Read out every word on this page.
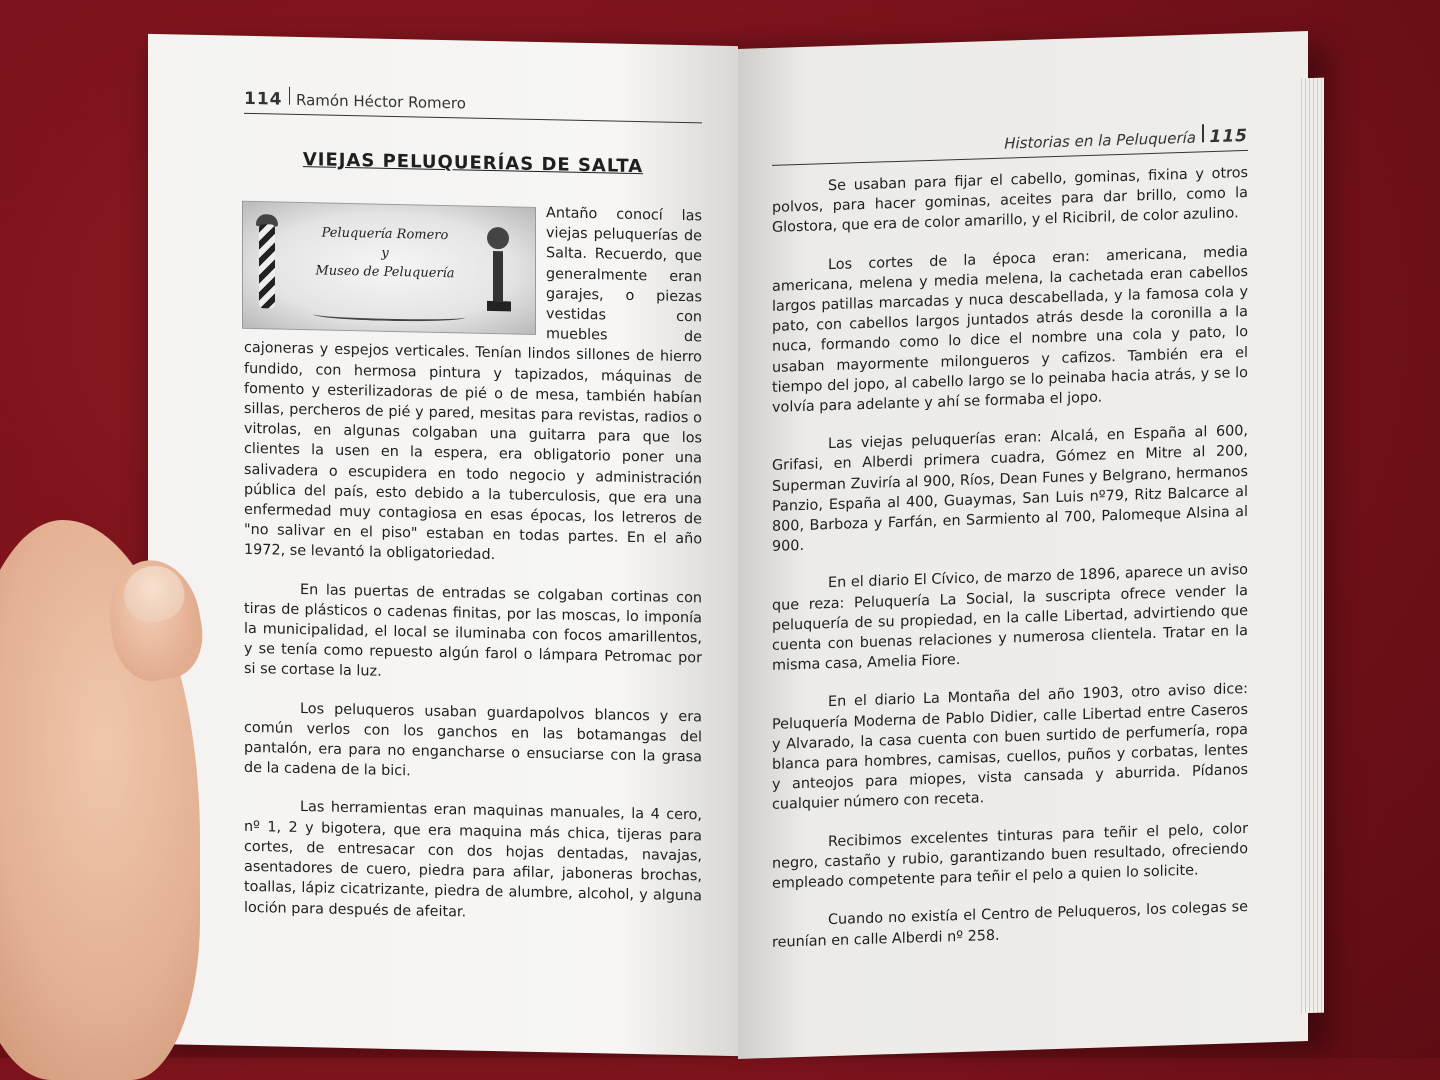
114 Ramón Héctor Romero
VIEJAS PELUQUERÍAS DE SALTA
Peluquería Romero
y
Museo de Peluquería

Antaño conocí las viejas peluquerías de Salta. Recuerdo, que generalmente eran garajes, o piezas vestidas con muebles de cajoneras y espejos verticales. Tenían lindos sillones de hierro fundido, con hermosa pintura y tapizados, máquinas de fomento y esterilizadoras de pié o de mesa, también habían sillas, percheros de pié y pared, mesitas para revistas, radios o vitrolas, en algunas colgaban una guitarra para que los clientes la usen en la espera, era obligatorio poner una salivadera o escupidera en todo negocio y administración pública del país, esto debido a la tuberculosis, que era una enfermedad muy contagiosa en esas épocas, los letreros de "no salivar en el piso" estaban en todas partes. En el año 1972, se levantó la obligatoriedad.

En las puertas de entradas se colgaban cortinas con tiras de plásticos o cadenas finitas, por las moscas, lo imponía la municipalidad, el local se iluminaba con focos amarillentos, y se tenía como repuesto algún farol o lámpara Petromac por si se cortase la luz.

Los peluqueros usaban guardapolvos blancos y era común verlos con los ganchos en las botamangas del pantalón, era para no engancharse o ensuciarse con la grasa de la cadena de la bici.

Las herramientas eran maquinas manuales, la 4 cero, nº 1, 2 y bigotera, que era maquina más chica, tijeras para cortes, de entresacar con dos hojas dentadas, navajas, asentadores de cuero, piedra para afilar, jaboneras brochas, toallas, lápiz cicatrizante, piedra de alumbre, alcohol, y alguna loción para después de afeitar.

Historias en la Peluquería 115

Se usaban para fijar el cabello, gominas, fixina y otros polvos, para hacer gominas, aceites para dar brillo, como la Glostora, que era de color amarillo, y el Ricibril, de color azulino.

Los cortes de la época eran: americana, media americana, melena y media melena, la cachetada eran cabellos largos patillas marcadas y nuca descabellada, y la famosa cola y pato, con cabellos largos juntados atrás desde la coronilla a la nuca, formando como lo dice el nombre una cola y pato, lo usaban mayormente milongueros y cafizos. También era el tiempo del jopo, al cabello largo se lo peinaba hacia atrás, y se lo volvía para adelante y ahí se formaba el jopo.

Las viejas peluquerías eran: Alcalá, en España al 600, Grifasi, en Alberdi primera cuadra, Gómez en Mitre al 200, Superman Zuviría al 900, Ríos, Dean Funes y Belgrano, hermanos Panzio, España al 400, Guaymas, San Luis nº79, Ritz Balcarce al 800, Barboza y Farfán, en Sarmiento al 700, Palomeque Alsina al 900.

En el diario El Cívico, de marzo de 1896, aparece un aviso que reza: Peluquería La Social, la suscripta ofrece vender la peluquería de su propiedad, en la calle Libertad, advirtiendo que cuenta con buenas relaciones y numerosa clientela. Tratar en la misma casa, Amelia Fiore.

En el diario La Montaña del año 1903, otro aviso dice: Peluquería Moderna de Pablo Didier, calle Libertad entre Caseros y Alvarado, la casa cuenta con buen surtido de perfumería, ropa blanca para hombres, camisas, cuellos, puños y corbatas, lentes y anteojos para miopes, vista cansada y aburrida. Pídanos cualquier número con receta.

Recibimos excelentes tinturas para teñir el pelo, color negro, castaño y rubio, garantizando buen resultado, ofreciendo empleado competente para teñir el pelo a quien lo solicite.

Cuando no existía el Centro de Peluqueros, los colegas se reunían en calle Alberdi nº 258.
